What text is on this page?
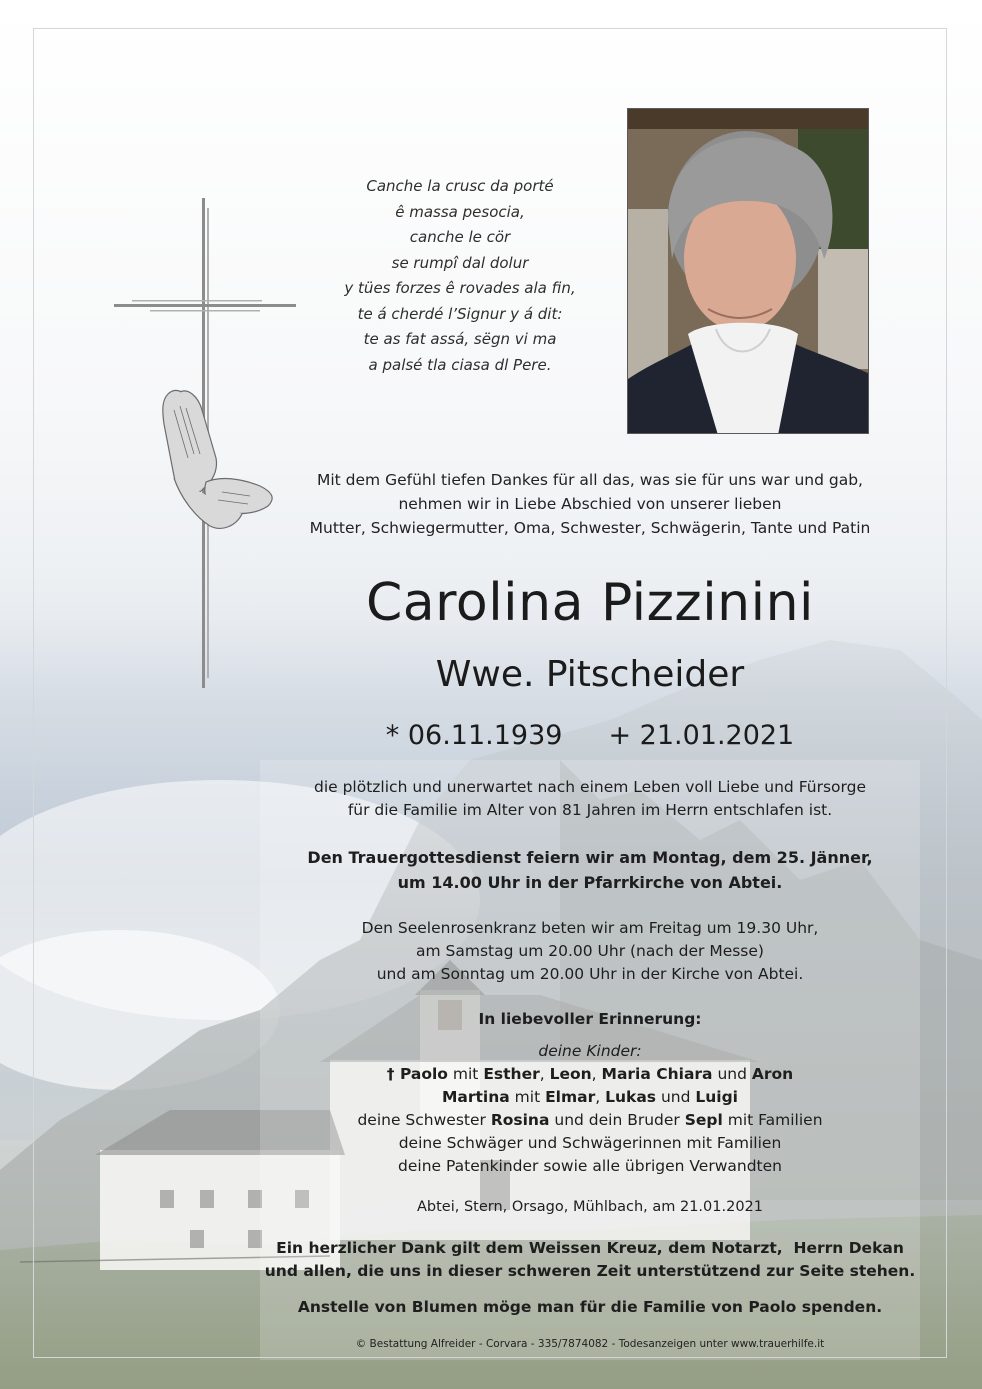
Canche la crusc da porté
ê massa pesocia,
canche le cör
se rumpî dal dolur
y tües forzes ê rovades ala fin,
te á cherdé l’Signur y á dit:
te as fat assá, sëgn vi ma
a palsé tla ciasa dl Pere.
Mit dem Gefühl tiefen Dankes für all das, was sie für uns war und gab,
nehmen wir in Liebe Abschied von unserer lieben
Mutter, Schwiegermutter, Oma, Schwester, Schwägerin, Tante und Patin
Carolina Pizzinini
Wwe. Pitscheider
* 06.11.1939 + 21.01.2021
die plötzlich und unerwartet nach einem Leben voll Liebe und Fürsorge
für die Familie im Alter von 81 Jahren im Herrn entschlafen ist.
Den Trauergottesdienst feiern wir am Montag, dem 25. Jänner,
um 14.00 Uhr in der Pfarrkirche von Abtei.
Den Seelenrosenkranz beten wir am Freitag um 19.30 Uhr,
am Samstag um 20.00 Uhr (nach der Messe)
und am Sonntag um 20.00 Uhr in der Kirche von Abtei.
In liebevoller Erinnerung:
deine Kinder:
† Paolo mit Esther, Leon, Maria Chiara und Aron
Martina mit Elmar, Lukas und Luigi
deine Schwester Rosina und dein Bruder Sepl mit Familien
deine Schwäger und Schwägerinnen mit Familien
deine Patenkinder sowie alle übrigen Verwandten
Abtei, Stern, Orsago, Mühlbach, am 21.01.2021
Ein herzlicher Dank gilt dem Weissen Kreuz, dem Notarzt,  Herrn Dekan
und allen, die uns in dieser schweren Zeit unterstützend zur Seite stehen.
Anstelle von Blumen möge man für die Familie von Paolo spenden.
© Bestattung Alfreider - Corvara - 335/7874082 - Todesanzeigen unter www.trauerhilfe.it
